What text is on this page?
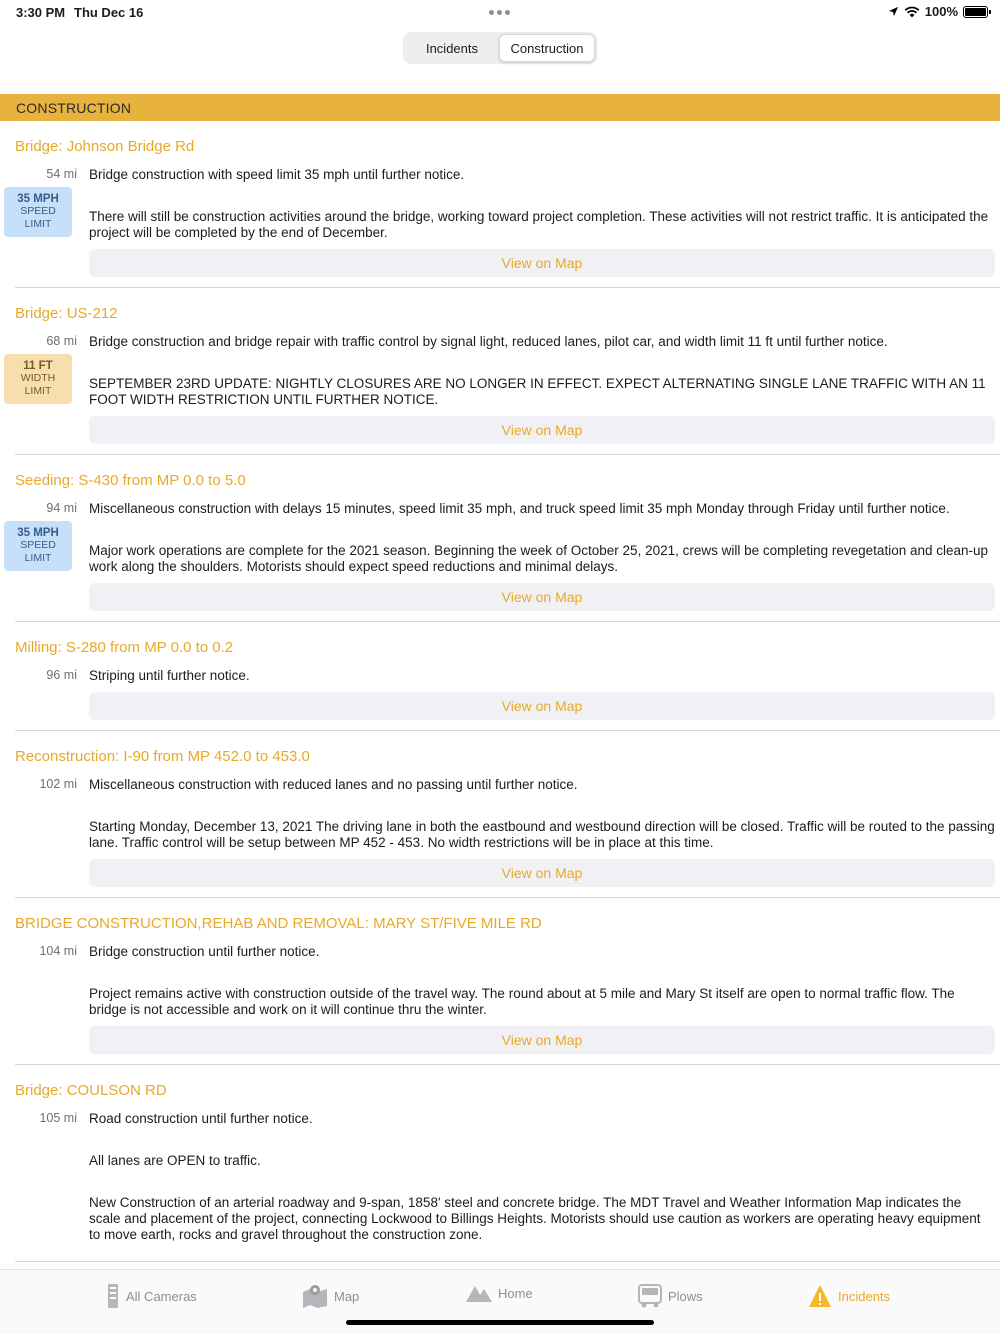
3:30 PM Thu Dec 16	100%
Incidents	Construction
CONSTRUCTION
Bridge: Johnson Bridge Rd
54 mi
35 MPH
SPEED
LIMIT

Bridge construction with speed limit 35 mph until further notice.

There will still be construction activities around the bridge, working toward project completion. These activities will not restrict traffic. It is anticipated the project will be completed by the end of December.

View on Map
Bridge: US-212
68 mi
11 FT
WIDTH
LIMIT

Bridge construction and bridge repair with traffic control by signal light, reduced lanes, pilot car, and width limit 11 ft until further notice.

SEPTEMBER 23RD UPDATE: NIGHTLY CLOSURES ARE NO LONGER IN EFFECT. EXPECT ALTERNATING SINGLE LANE TRAFFIC WITH AN 11 FOOT WIDTH RESTRICTION UNTIL FURTHER NOTICE.

View on Map
Seeding: S-430 from MP 0.0 to 5.0
94 mi
35 MPH
SPEED
LIMIT

Miscellaneous construction with delays 15 minutes, speed limit 35 mph, and truck speed limit 35 mph Monday through Friday until further notice.

Major work operations are complete for the 2021 season. Beginning the week of October 25, 2021, crews will be completing revegetation and clean-up work along the shoulders. Motorists should expect speed reductions and minimal delays.

View on Map
Milling: S-280 from MP 0.0 to 0.2
96 mi Striping until further notice.

View on Map
Reconstruction: I-90 from MP 452.0 to 453.0
102 mi Miscellaneous construction with reduced lanes and no passing until further notice.

Starting Monday, December 13, 2021 The driving lane in both the eastbound and westbound direction will be closed. Traffic will be routed to the passing lane. Traffic control will be setup between MP 452 - 453. No width restrictions will be in place at this time.

View on Map
BRIDGE CONSTRUCTION,REHAB AND REMOVAL: MARY ST/FIVE MILE RD
104 mi Bridge construction until further notice.

Project remains active with construction outside of the travel way. The round about at 5 mile and Mary St itself are open to normal traffic flow. The bridge is not accessible and work on it will continue thru the winter.

View on Map
Bridge: COULSON RD
105 mi Road construction until further notice.

All lanes are OPEN to traffic.

New Construction of an arterial roadway and 9-span, 1858' steel and concrete bridge. The MDT Travel and Weather Information Map indicates the scale and placement of the project, connecting Lockwood to Billings Heights. Motorists should use caution as workers are operating heavy equipment to move earth, rocks and gravel throughout the construction zone.

All Cameras	Map	Home	Plows	Incidents
